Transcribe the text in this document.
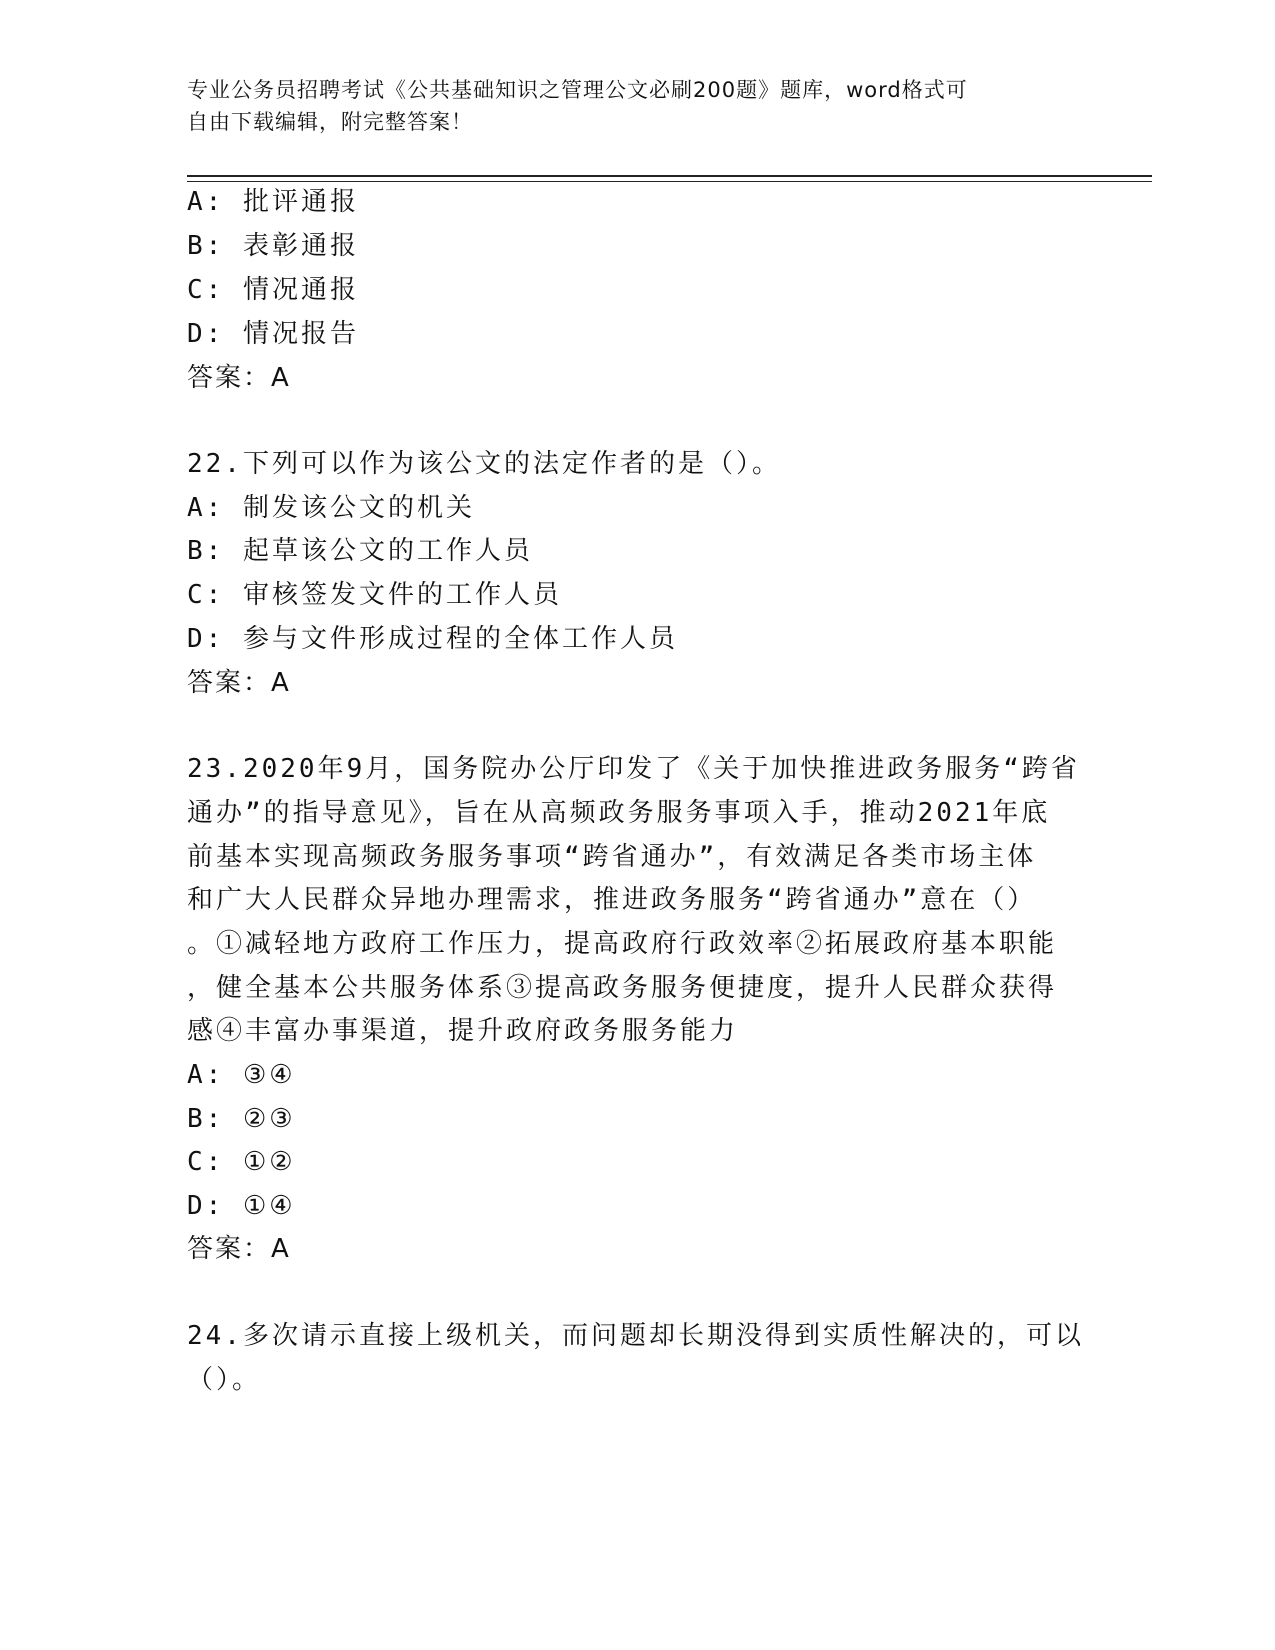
专业公务员招聘考试《公共基础知识之管理公文必刷200题》题库，word格式可
自由下载编辑，附完整答案！
A: 批评通报
B: 表彰通报
C: 情况通报
D: 情况报告
答案：A
22.下列可以作为该公文的法定作者的是（）。
A: 制发该公文的机关
B: 起草该公文的工作人员
C: 审核签发文件的工作人员
D: 参与文件形成过程的全体工作人员
答案：A
23.2020年9月，国务院办公厅印发了《关于加快推进政务服务“跨省
通办”的指导意见》，旨在从高频政务服务事项入手，推动2021年底
前基本实现高频政务服务事项“跨省通办”，有效满足各类市场主体
和广大人民群众异地办理需求，推进政务服务“跨省通办”意在（）
。①减轻地方政府工作压力，提高政府行政效率②拓展政府基本职能
，健全基本公共服务体系③提高政务服务便捷度，提升人民群众获得
感④丰富办事渠道，提升政府政务服务能力
A: ③④
B: ②③
C: ①②
D: ①④
答案：A
24.多次请示直接上级机关，而问题却长期没得到实质性解决的，可以
（）。
